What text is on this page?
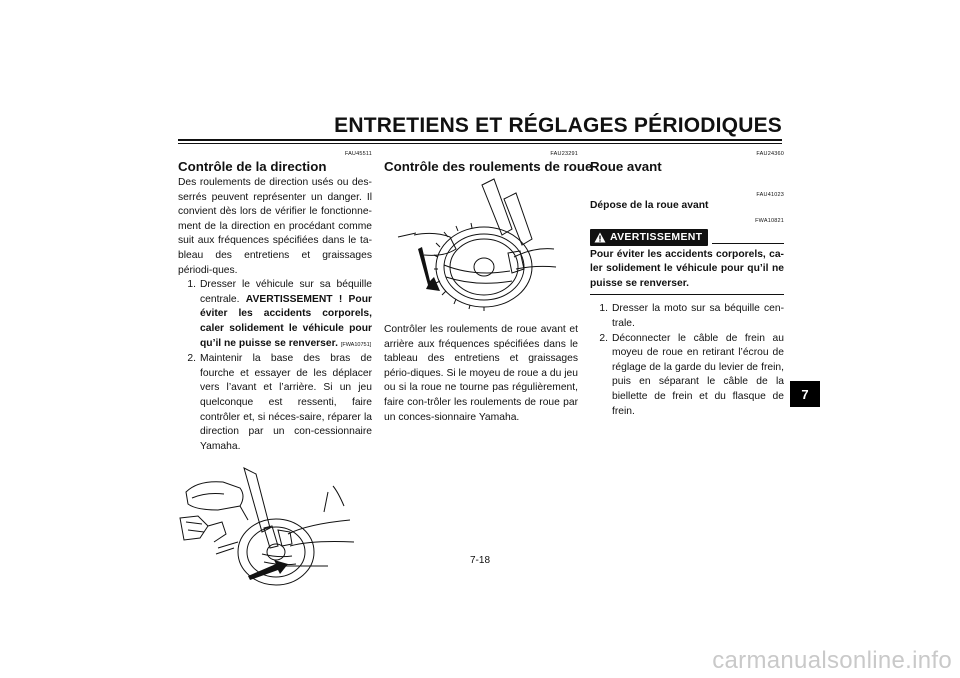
ENTRETIENS ET RÉGLAGES PÉRIODIQUES
FAU45511
Contrôle de la direction

Des roulements de direction usés ou des-serrés peuvent représenter un danger. Il convient dès lors de vérifier le fonctionne-ment de la direction en procédant comme suit aux fréquences spécifiées dans le ta-bleau des entretiens et graissages périodi-ques.

1. Dresser le véhicule sur sa béquille centrale. AVERTISSEMENT ! Pour éviter les accidents corporels, caler solidement le véhicule pour qu’il ne puisse se renverser. [FWA10751]
2. Maintenir la base des bras de fourche et essayer de les déplacer vers l’avant et l’arrière. Si un jeu quelconque est ressenti, faire contrôler et, si néces-saire, réparer la direction par un con-cessionnaire Yamaha.
FAU23291
Contrôle des roulements de roue

Contrôler les roulements de roue avant et arrière aux fréquences spécifiées dans le tableau des entretiens et graissages pério-diques. Si le moyeu de roue a du jeu ou si la roue ne tourne pas régulièrement, faire con-trôler les roulements de roue par un conces-sionnaire Yamaha.

FAU24360
Roue avant
FAU41023
Dépose de la roue avant
FWA10821
AVERTISSEMENT
Pour éviter les accidents corporels, ca-ler solidement le véhicule pour qu’il ne puisse se renverser.
1. Dresser la moto sur sa béquille cen-trale.
2. Déconnecter le câble de frein au moyeu de roue en retirant l’écrou de réglage de la garde du levier de frein, puis en séparant le câble de la biellette de frein et du flasque de frein.
7
7-18
carmanualsonline.info
